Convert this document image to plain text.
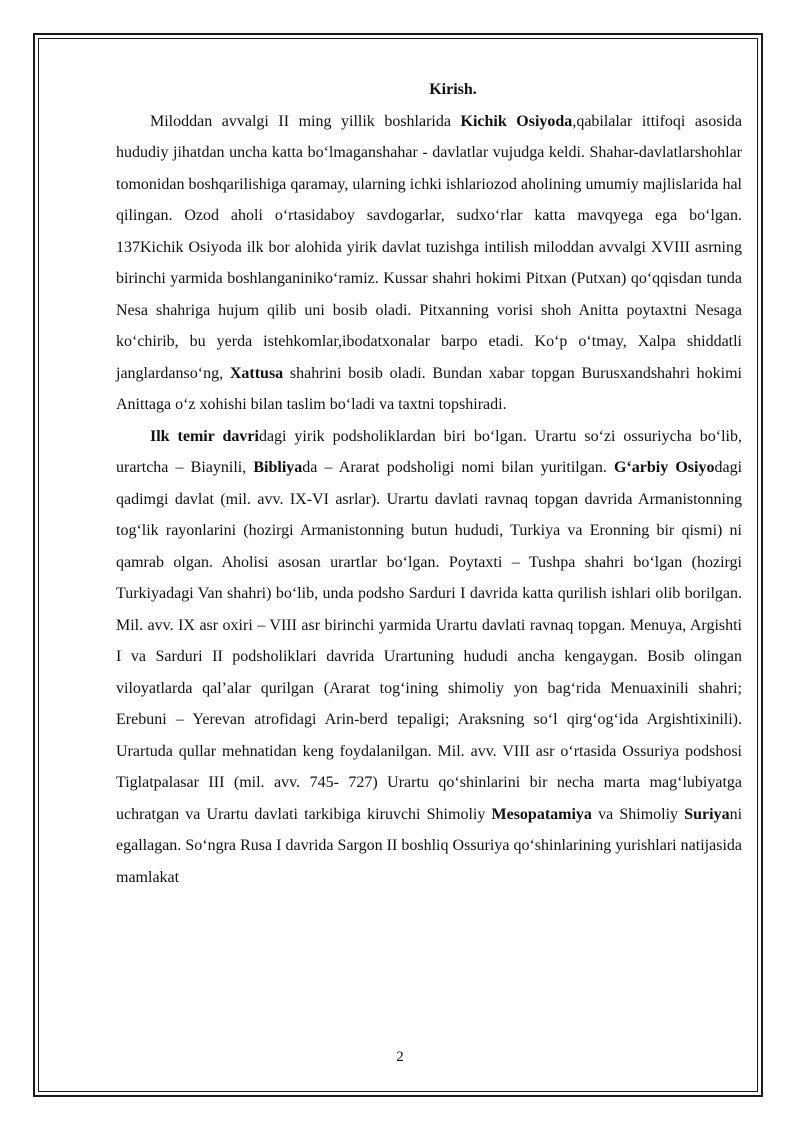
Kirish.

Miloddan avvalgi II ming yillik boshlarida Kichik Osiyoda,qabilalar ittifoqi asosida hududiy jihatdan uncha katta bo‘lmaganshahar - davlatlar vujudga keldi. Shahar-davlatlarshohlar tomonidan boshqarilishiga qaramay, ularning ichki ishlariozod aholining umumiy majlislarida hal qilingan. Ozod aholi o‘rtasidaboy savdogarlar, sudxo‘rlar katta mavqyega ega bo‘lgan. 137Kichik Osiyoda ilk bor alohida yirik davlat tuzishga intilish miloddan avvalgi XVIII asrning birinchi yarmida boshlanganiniko‘ramiz. Kussar shahri hokimi Pitxan (Putxan) qo‘qqisdan tunda Nesa shahriga hujum qilib uni bosib oladi. Pitxanning vorisi shoh Anitta poytaxtni Nesaga ko‘chirib, bu yerda istehkomlar,ibodatxonalar barpo etadi. Ko‘p o‘tmay, Xalpa shiddatli janglardanso‘ng, Xattusa shahrini bosib oladi. Bundan xabar topgan Burusxandshahri hokimi Anittaga o‘z xohishi bilan taslim bo‘ladi va taxtni topshiradi.

Ilk temir davridagi yirik podsholiklardan biri bo‘lgan. Urartu so‘zi ossuriycha bo‘lib, urartcha – Biaynili, Bibliyada – Ararat podsholigi nomi bilan yuritilgan. G‘arbiy Osiyodagi qadimgi davlat (mil. avv. IX-VI asrlar). Urartu davlati ravnaq topgan davrida Armanistonning tog‘lik rayonlarini (hozirgi Armanistonning butun hududi, Turkiya va Eronning bir qismi) ni qamrab olgan. Aholisi asosan urartlar bo‘lgan. Poytaxti – Tushpa shahri bo‘lgan (hozirgi Turkiyadagi Van shahri) bo‘lib, unda podsho Sarduri I davrida katta qurilish ishlari olib borilgan. Mil. avv. IX asr oxiri – VIII asr birinchi yarmida Urartu davlati ravnaq topgan. Menuya, Argishti I va Sarduri II podsholiklari davrida Urartuning hududi ancha kengaygan. Bosib olingan viloyatlarda qal’alar qurilgan (Ararat tog‘ining shimoliy yon bag‘rida Menuaxinili shahri; Erebuni – Yerevan atrofidagi Arin-berd tepaligi; Araksning so‘l qirg‘og‘ida Argishtixinili). Urartuda qullar mehnatidan keng foydalanilgan. Mil. avv. VIII asr o‘rtasida Ossuriya podshosi Tiglatpalasar III (mil. avv. 745- 727) Urartu qo‘shinlarini bir necha marta mag‘lubiyatga uchratgan va Urartu davlati tarkibiga kiruvchi Shimoliy Mesopatamiya va Shimoliy Suriyani egallagan. So‘ngra Rusa I davrida Sargon II boshliq Ossuriya qo‘shinlarining yurishlari natijasida mamlakat

2
